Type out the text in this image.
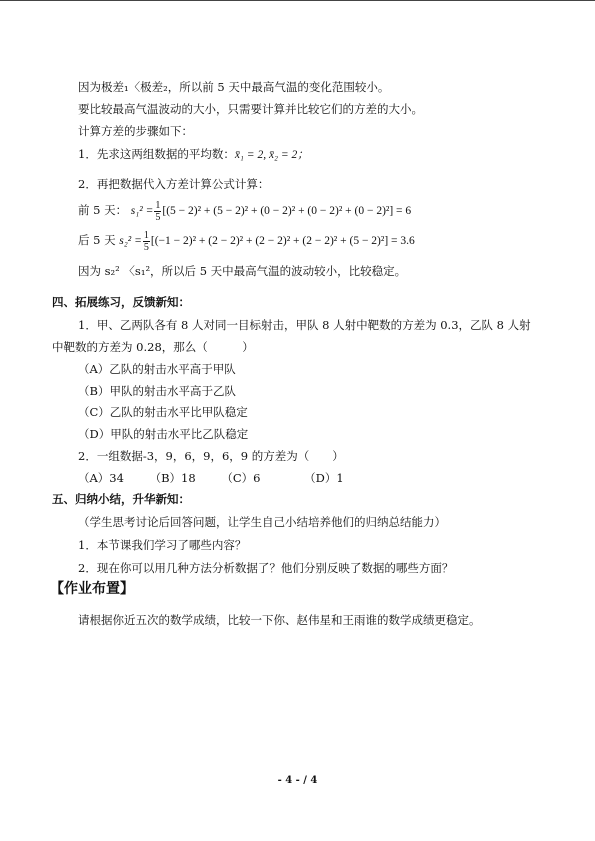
因为极差₁〈极差₂，所以前 5 天中最高气温的变化范围较小。
要比较最高气温波动的大小，只需要计算并比较它们的方差的大小。
计算方差的步骤如下：
1．先求这两组数据的平均数：x̄₁ = 2, x̄₂ = 2；
2．再把数据代入方差计算公式计算：
前 5 天： $s_1^2 = \frac{1}{5} [(5 - 2)^2 + (5 - 2)^2 + (0 - 2)^2 + (0 - 2)^2 + (0 - 2)^2] = 6$
后 5 天 $s_2^2 = \frac{1}{5} [(-1 - 2)^2 + (2 - 2)^2 + (2 - 2)^2 + (2 - 2)^2 + (5 - 2)^2] = 3.6$
因为 s₂² 〈s₁²，所以后 5 天中最高气温的波动较小，比较稳定。
四、拓展练习，反馈新知：
1．甲、乙两队各有 8 人对同一目标射击，甲队 8 人射中靶数的方差为 0.3，乙队 8 人射
中靶数的方差为 0.28，那么（　　　）
（A）乙队的射击水平高于甲队
（B）甲队的射击水平高于乙队
（C）乙队的射击水平比甲队稳定
（D）甲队的射击水平比乙队稳定
2．一组数据-3，9，6，9，6，9 的方差为（　　）
（A）34 （B）18 （C）6	（D）1
五、归纳小结，升华新知：
（学生思考讨论后回答问题，让学生自己小结培养他们的归纳总结能力）
1．本节课我们学习了哪些内容？
2．现在你可以用几种方法分析数据了？他们分别反映了数据的哪些方面？
【作业布置】
请根据你近五次的数学成绩，比较一下你、赵伟星和王雨谁的数学成绩更稳定。
- 4 - / 4
